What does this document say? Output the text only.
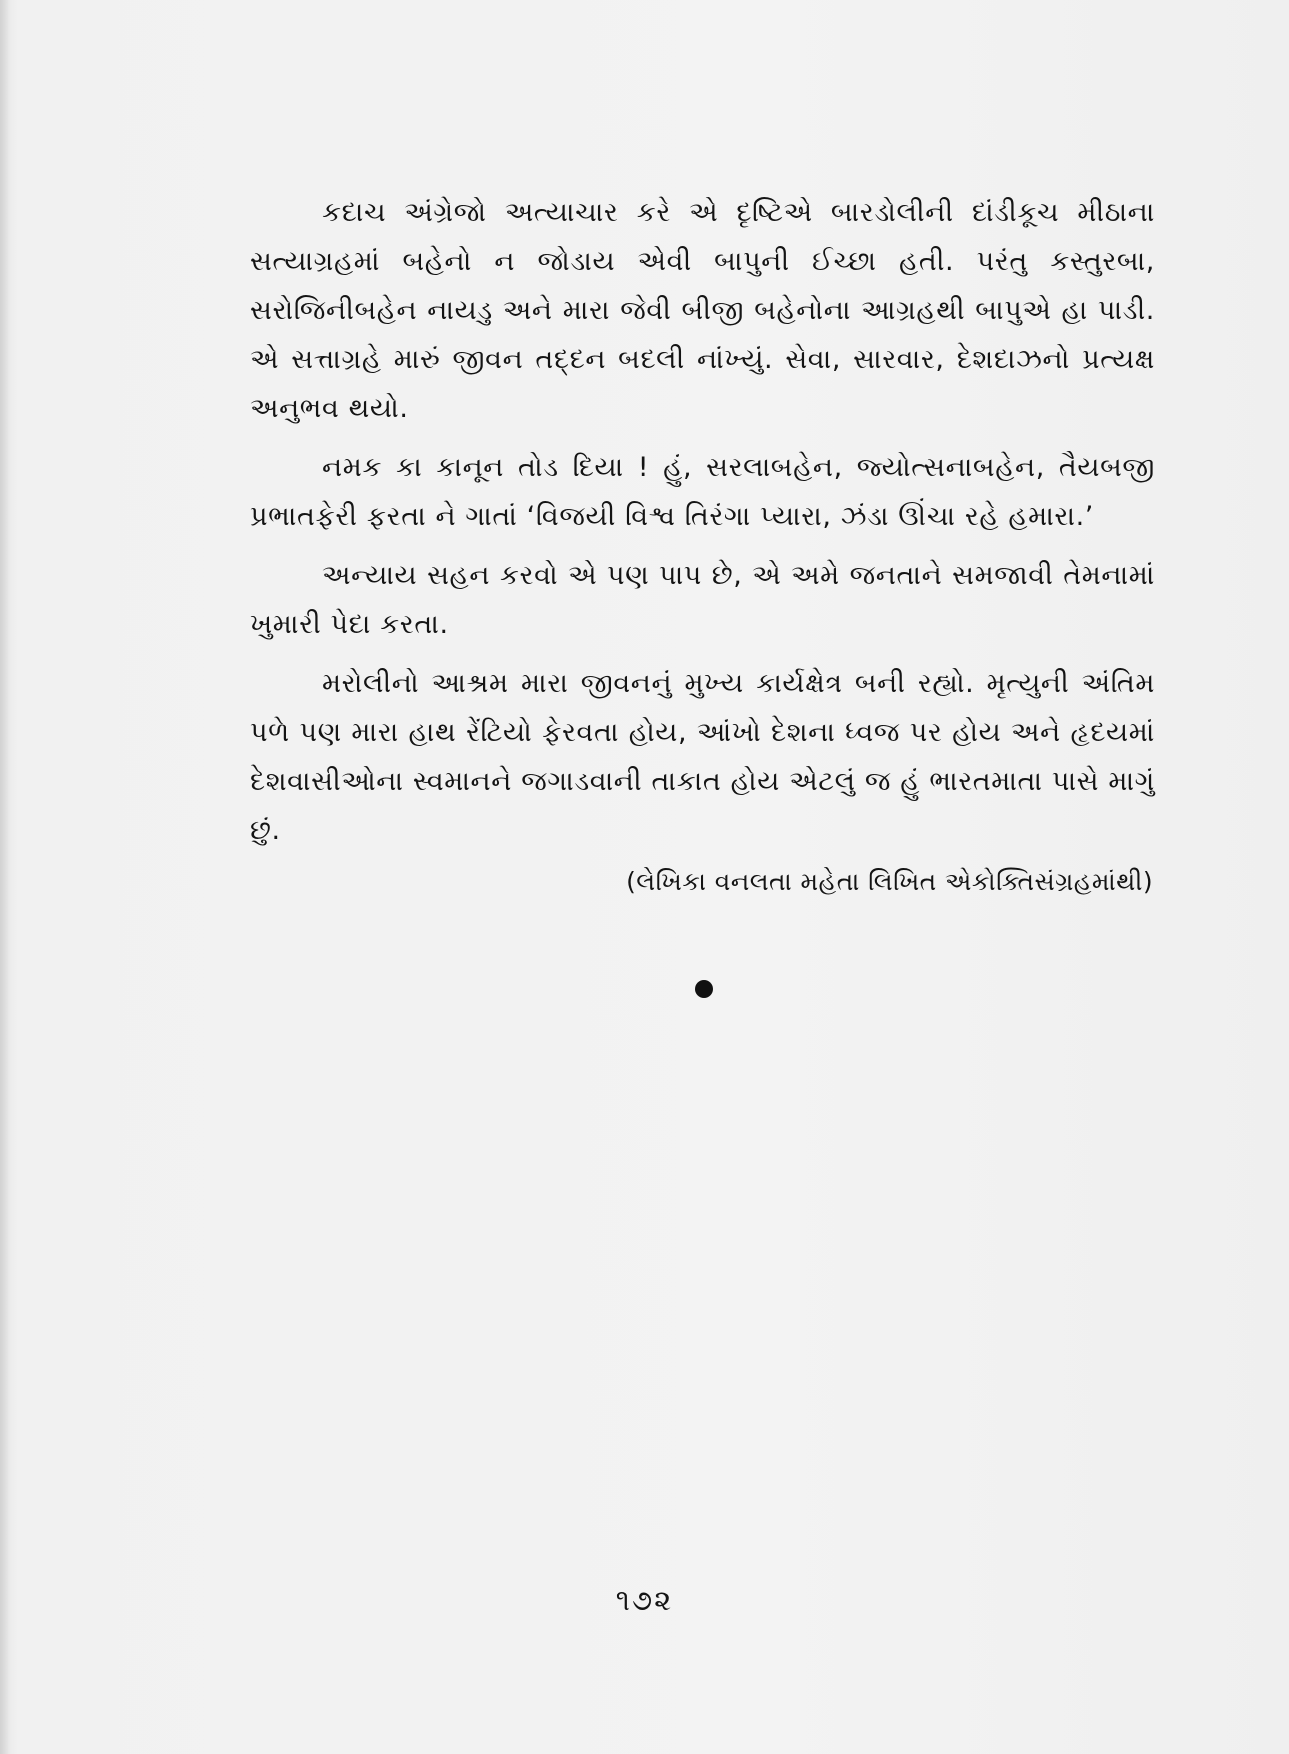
કદાચ અંગ્રેજો અત્યાચાર કરે એ દૃષ્ટિએ બારડોલીની દાંડીકૂચ મીઠાના સત્યાગ્રહમાં બહેનો ન જોડાય એવી બાપુની ઈચ્છા હતી. પરંતુ કસ્તુરબા, સરોજિનીબહેન નાયડુ અને મારા જેવી બીજી બહેનોના આગ્રહથી બાપુએ હા પાડી. એ સત્તાગ્રહે મારું જીવન તદ્દન બદલી નાંખ્યું. સેવા, સારવાર, દેશદાઝનો પ્રત્યક્ષ અનુભવ થયો.

નમક કા કાનૂન તોડ દિયા ! હું, સરલાબહેન, જ્યોત્સનાબહેન, તૈયબજી પ્રભાતફેરી ફરતા ને ગાતાં ‘વિજયી વિશ્વ તિરંગા પ્યારા, ઝંડા ઊંચા રહે હમારા.’

અન્યાય સહન કરવો એ પણ પાપ છે, એ અમે જનતાને સમજાવી તેમનામાં ખુમારી પેદા કરતા.

મરોલીનો આશ્રમ મારા જીવનનું મુખ્ય કાર્યક્ષેત્ર બની રહ્યો. મૃત્યુની અંતિમ પળે પણ મારા હાથ રેંટિયો ફેરવતા હોય, આંખો દેશના ધ્વજ પર હોય અને હૃદયમાં દેશવાસીઓના સ્વમાનને જગાડવાની તાકાત હોય એટલું જ હું ભારતમાતા પાસે માગું છું.

(લેખિકા વનલતા મહેતા લિખિત એકોક્તિસંગ્રહમાંથી)
૧૭૨
